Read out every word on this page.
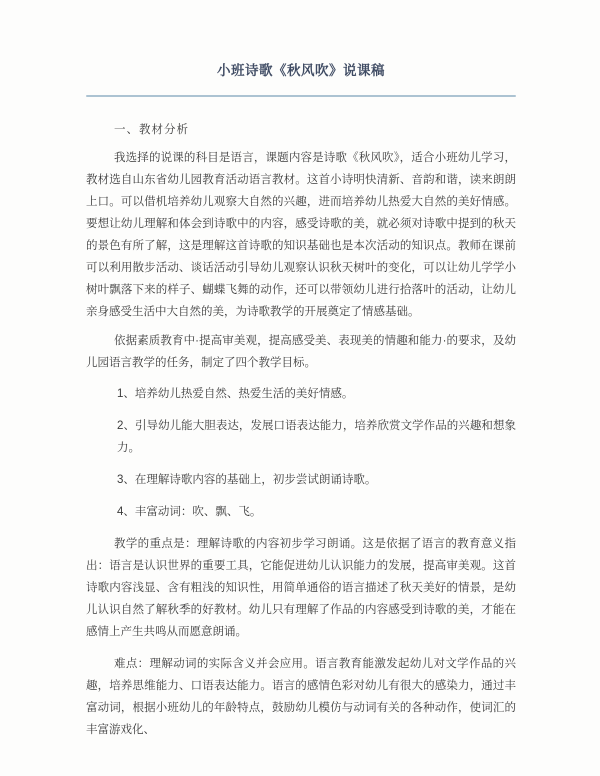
小班诗歌《秋风吹》说课稿
一、教材分析

我选择的说课的科目是语言，课题内容是诗歌《秋风吹》，适合小班幼儿学习，教材选自山东省幼儿园教育活动语言教材。这首小诗明快清新、音韵和谐，读来朗朗上口。可以借机培养幼儿观察大自然的兴趣，进而培养幼儿热爱大自然的美好情感。要想让幼儿理解和体会到诗歌中的内容，感受诗歌的美，就必须对诗歌中提到的秋天的景色有所了解，这是理解这首诗歌的知识基础也是本次活动的知识点。教师在课前可以利用散步活动、谈话活动引导幼儿观察认识秋天树叶的变化，可以让幼儿学学小树叶飘落下来的样子、蝴蝶飞舞的动作，还可以带领幼儿进行拾落叶的活动，让幼儿亲身感受生活中大自然的美，为诗歌教学的开展奠定了情感基础。

依据素质教育中·提高审美观，提高感受美、表现美的情趣和能力·的要求，及幼儿园语言教学的任务，制定了四个教学目标。

1、培养幼儿热爱自然、热爱生活的美好情感。

2、引导幼儿能大胆表达，发展口语表达能力，培养欣赏文学作品的兴趣和想象力。

3、在理解诗歌内容的基础上，初步尝试朗诵诗歌。

4、丰富动词：吹、飘、飞。

教学的重点是：理解诗歌的内容初步学习朗诵。这是依据了语言的教育意义指出：语言是认识世界的重要工具，它能促进幼儿认识能力的发展，提高审美观。这首诗歌内容浅显、含有粗浅的知识性，用简单通俗的语言描述了秋天美好的情景，是幼儿认识自然了解秋季的好教材。幼儿只有理解了作品的内容感受到诗歌的美，才能在感情上产生共鸣从而愿意朗诵。

难点：理解动词的实际含义并会应用。语言教育能激发起幼儿对文学作品的兴趣，培养思维能力、口语表达能力。语言的感情色彩对幼儿有很大的感染力，通过丰富动词，根据小班幼儿的年龄特点，鼓励幼儿模仿与动词有关的各种动作，使词汇的丰富游戏化、
